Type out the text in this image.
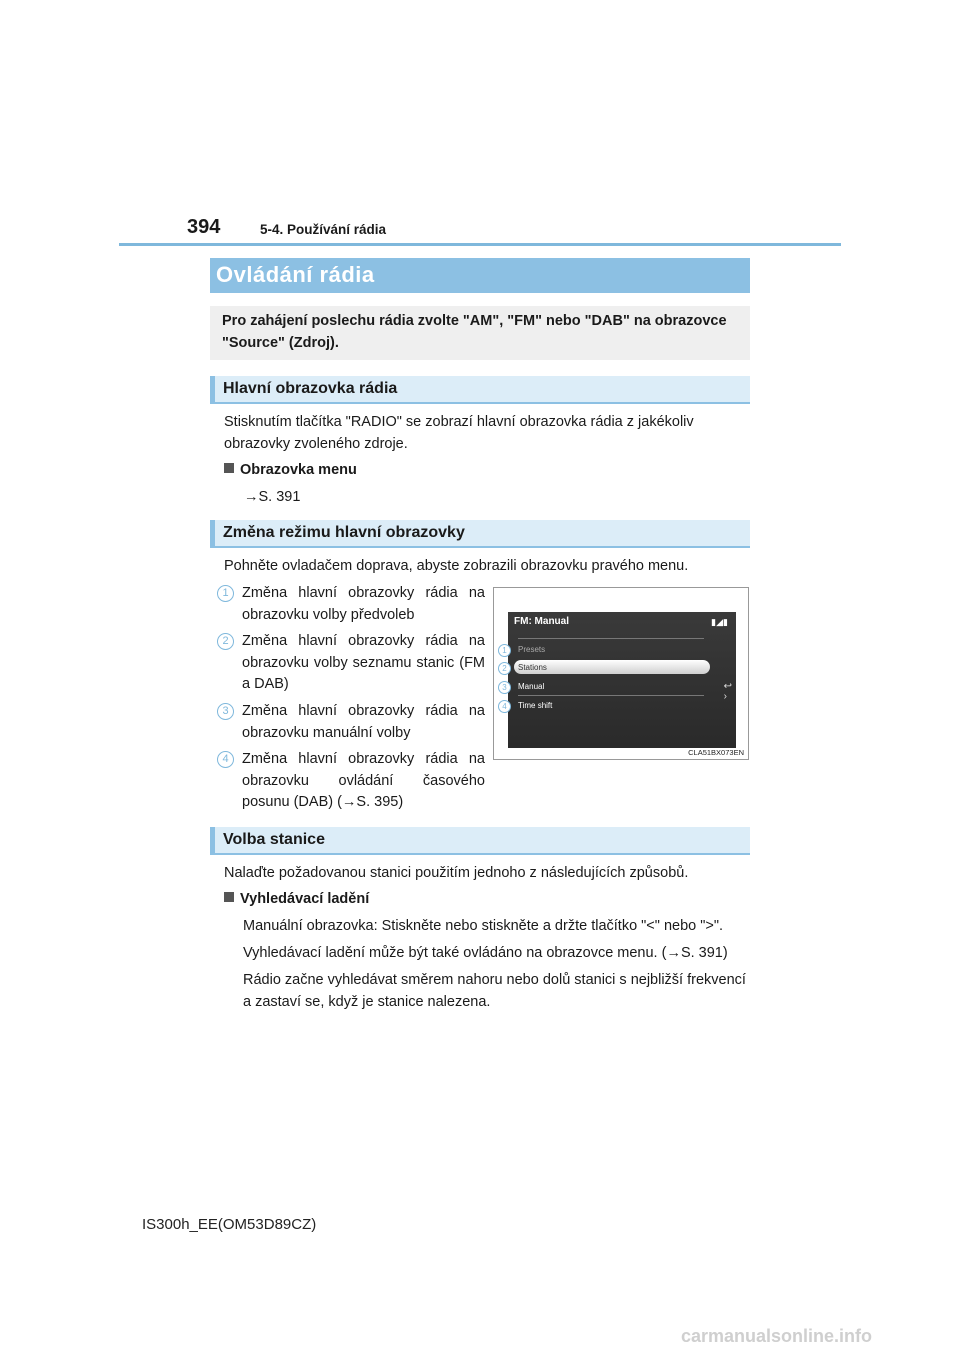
394	5-4. Používání rádia
Ovládání rádia

Pro zahájení poslechu rádia zvolte "AM", "FM" nebo "DAB" na obrazovce "Source" (Zdroj).

Hlavní obrazovka rádia

Stisknutím tlačítka "RADIO" se zobrazí hlavní obrazovka rádia z jakékoliv obrazovky zvoleného zdroje.

Obrazovka menu
→S. 391
Změna režimu hlavní obrazovky

Pohněte ovladačem doprava, abyste zobrazili obrazovku pravého menu.

1 Změna hlavní obrazovky rádia na obrazovku volby předvoleb

2 Změna hlavní obrazovky rádia na obrazovku volby seznamu stanic (FM a DAB)

3 Změna hlavní obrazovky rádia na obrazovku manuální volby

4 Změna hlavní obrazovky rádia na obrazovku ovládání časového posunu (DAB) (→S. 395)

FM: Manual	▮◢▮
Presets
Stations
Manual
Time shift
↩
›
1
2
3
4
CLA51BX073EN
Volba stanice

Nalaďte požadovanou stanici použitím jednoho z následujících způsobů.

Vyhledávací ladění

Manuální obrazovka: Stiskněte nebo stiskněte a držte tlačítko "<" nebo ">".

Vyhledávací ladění může být také ovládáno na obrazovce menu. (→S. 391)

Rádio začne vyhledávat směrem nahoru nebo dolů stanici s nejbližší frekvencí a zastaví se, když je stanice nalezena.

IS300h_EE(OM53D89CZ)
carmanualsonline.info
